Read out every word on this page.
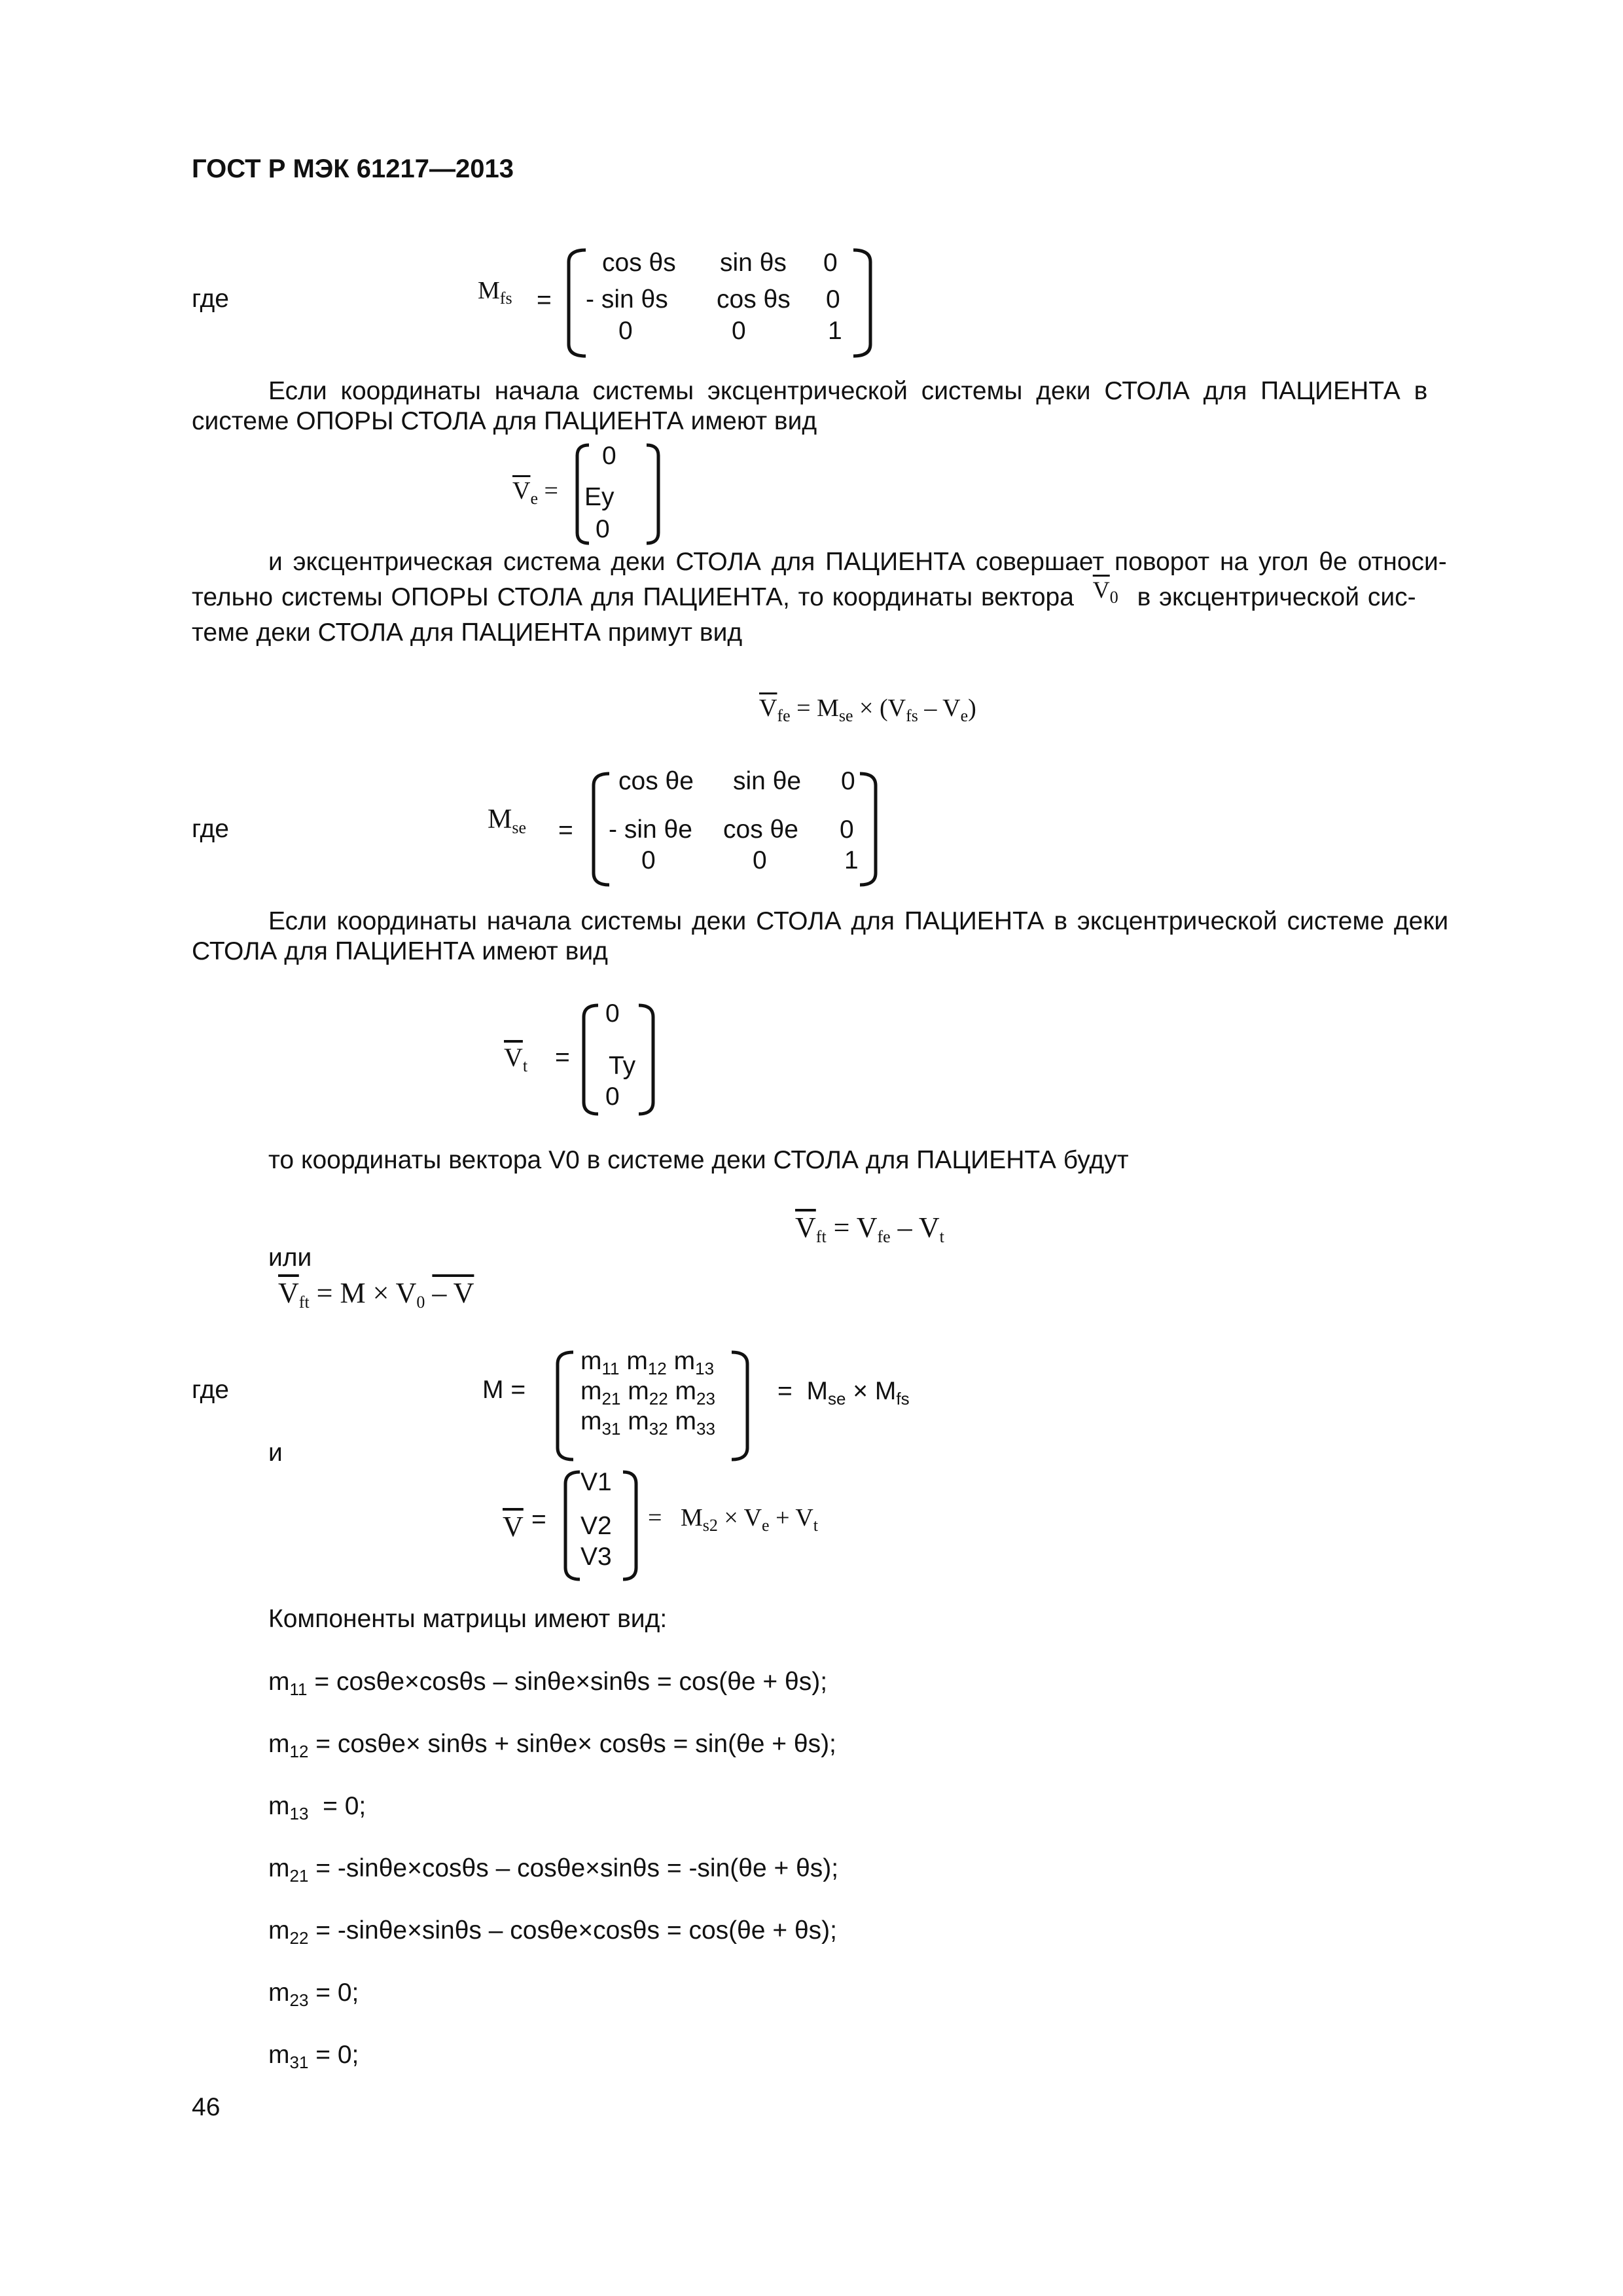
ГОСТ Р МЭК 61217—2013
где	$M_{fs}$ =
cos θs sin θs 0
- sin θs cos θs 0
0	0	1
Если координаты начала системы эксцентрической системы деки СТОЛА для ПАЦИЕНТА в
системе ОПОРЫ СТОЛА для ПАЦИЕНТА имеют вид
$\overline{V}_e$ =
0
Ey
0
и эксцентрическая система деки СТОЛА для ПАЦИЕНТА совершает поворот на угол θe относи-
тельно системы ОПОРЫ СТОЛА для ПАЦИЕНТА, то координаты вектора $\overline{V}_0$ в эксцентрической сис-
теме деки СТОЛА для ПАЦИЕНТА примут вид
$\overline{V}_{fe} = M_{se} \times (V_{fs} - V_e)$
где	$M_{se}$ =
cos θe sin θe 0
- sin θe cos θe 0
0	0	1
Если координаты начала системы деки СТОЛА для ПАЦИЕНТА в эксцентрической системе деки
СТОЛА для ПАЦИЕНТА имеют вид
$\overline{V}_t$ =
0
Ty
0
то координаты вектора V0 в системе деки СТОЛА для ПАЦИЕНТА будут
$\overline{V}_{ft} = V_{fe} - V_t$
или
$\overline{V}_{ft} = M \times V_0 - V$
где	M =
$m_{11}$ $m_{12}$ $m_{13}$
$m_{21}$ $m_{22}$ $m_{23}$
$m_{31}$ $m_{32}$ $m_{33}$
= $M_{se} \times M_{fs}$
и
$\overline{V}$ =
V1
V2
V3
= $M_{s2} \times V_e + V_t$
Компоненты матрицы имеют вид:
$m_{11} = \cos\theta e\times\cos\theta s - \sin\theta e\times\sin\theta s = \cos(\theta e + \theta s)$;
$m_{12} = \cos\theta e\times \sin\theta s + \sin\theta e\times \cos\theta s = \sin(\theta e + \theta s)$;
$m_{13} = 0$;
$m_{21} = -\sin\theta e\times\cos\theta s - \cos\theta e\times\sin\theta s = -\sin(\theta e + \theta s)$;
$m_{22} = -\sin\theta e\times\sin\theta s - \cos\theta e\times\cos\theta s = \cos(\theta e + \theta s)$;
$m_{23} = 0$;
$m_{31} = 0$;
46
